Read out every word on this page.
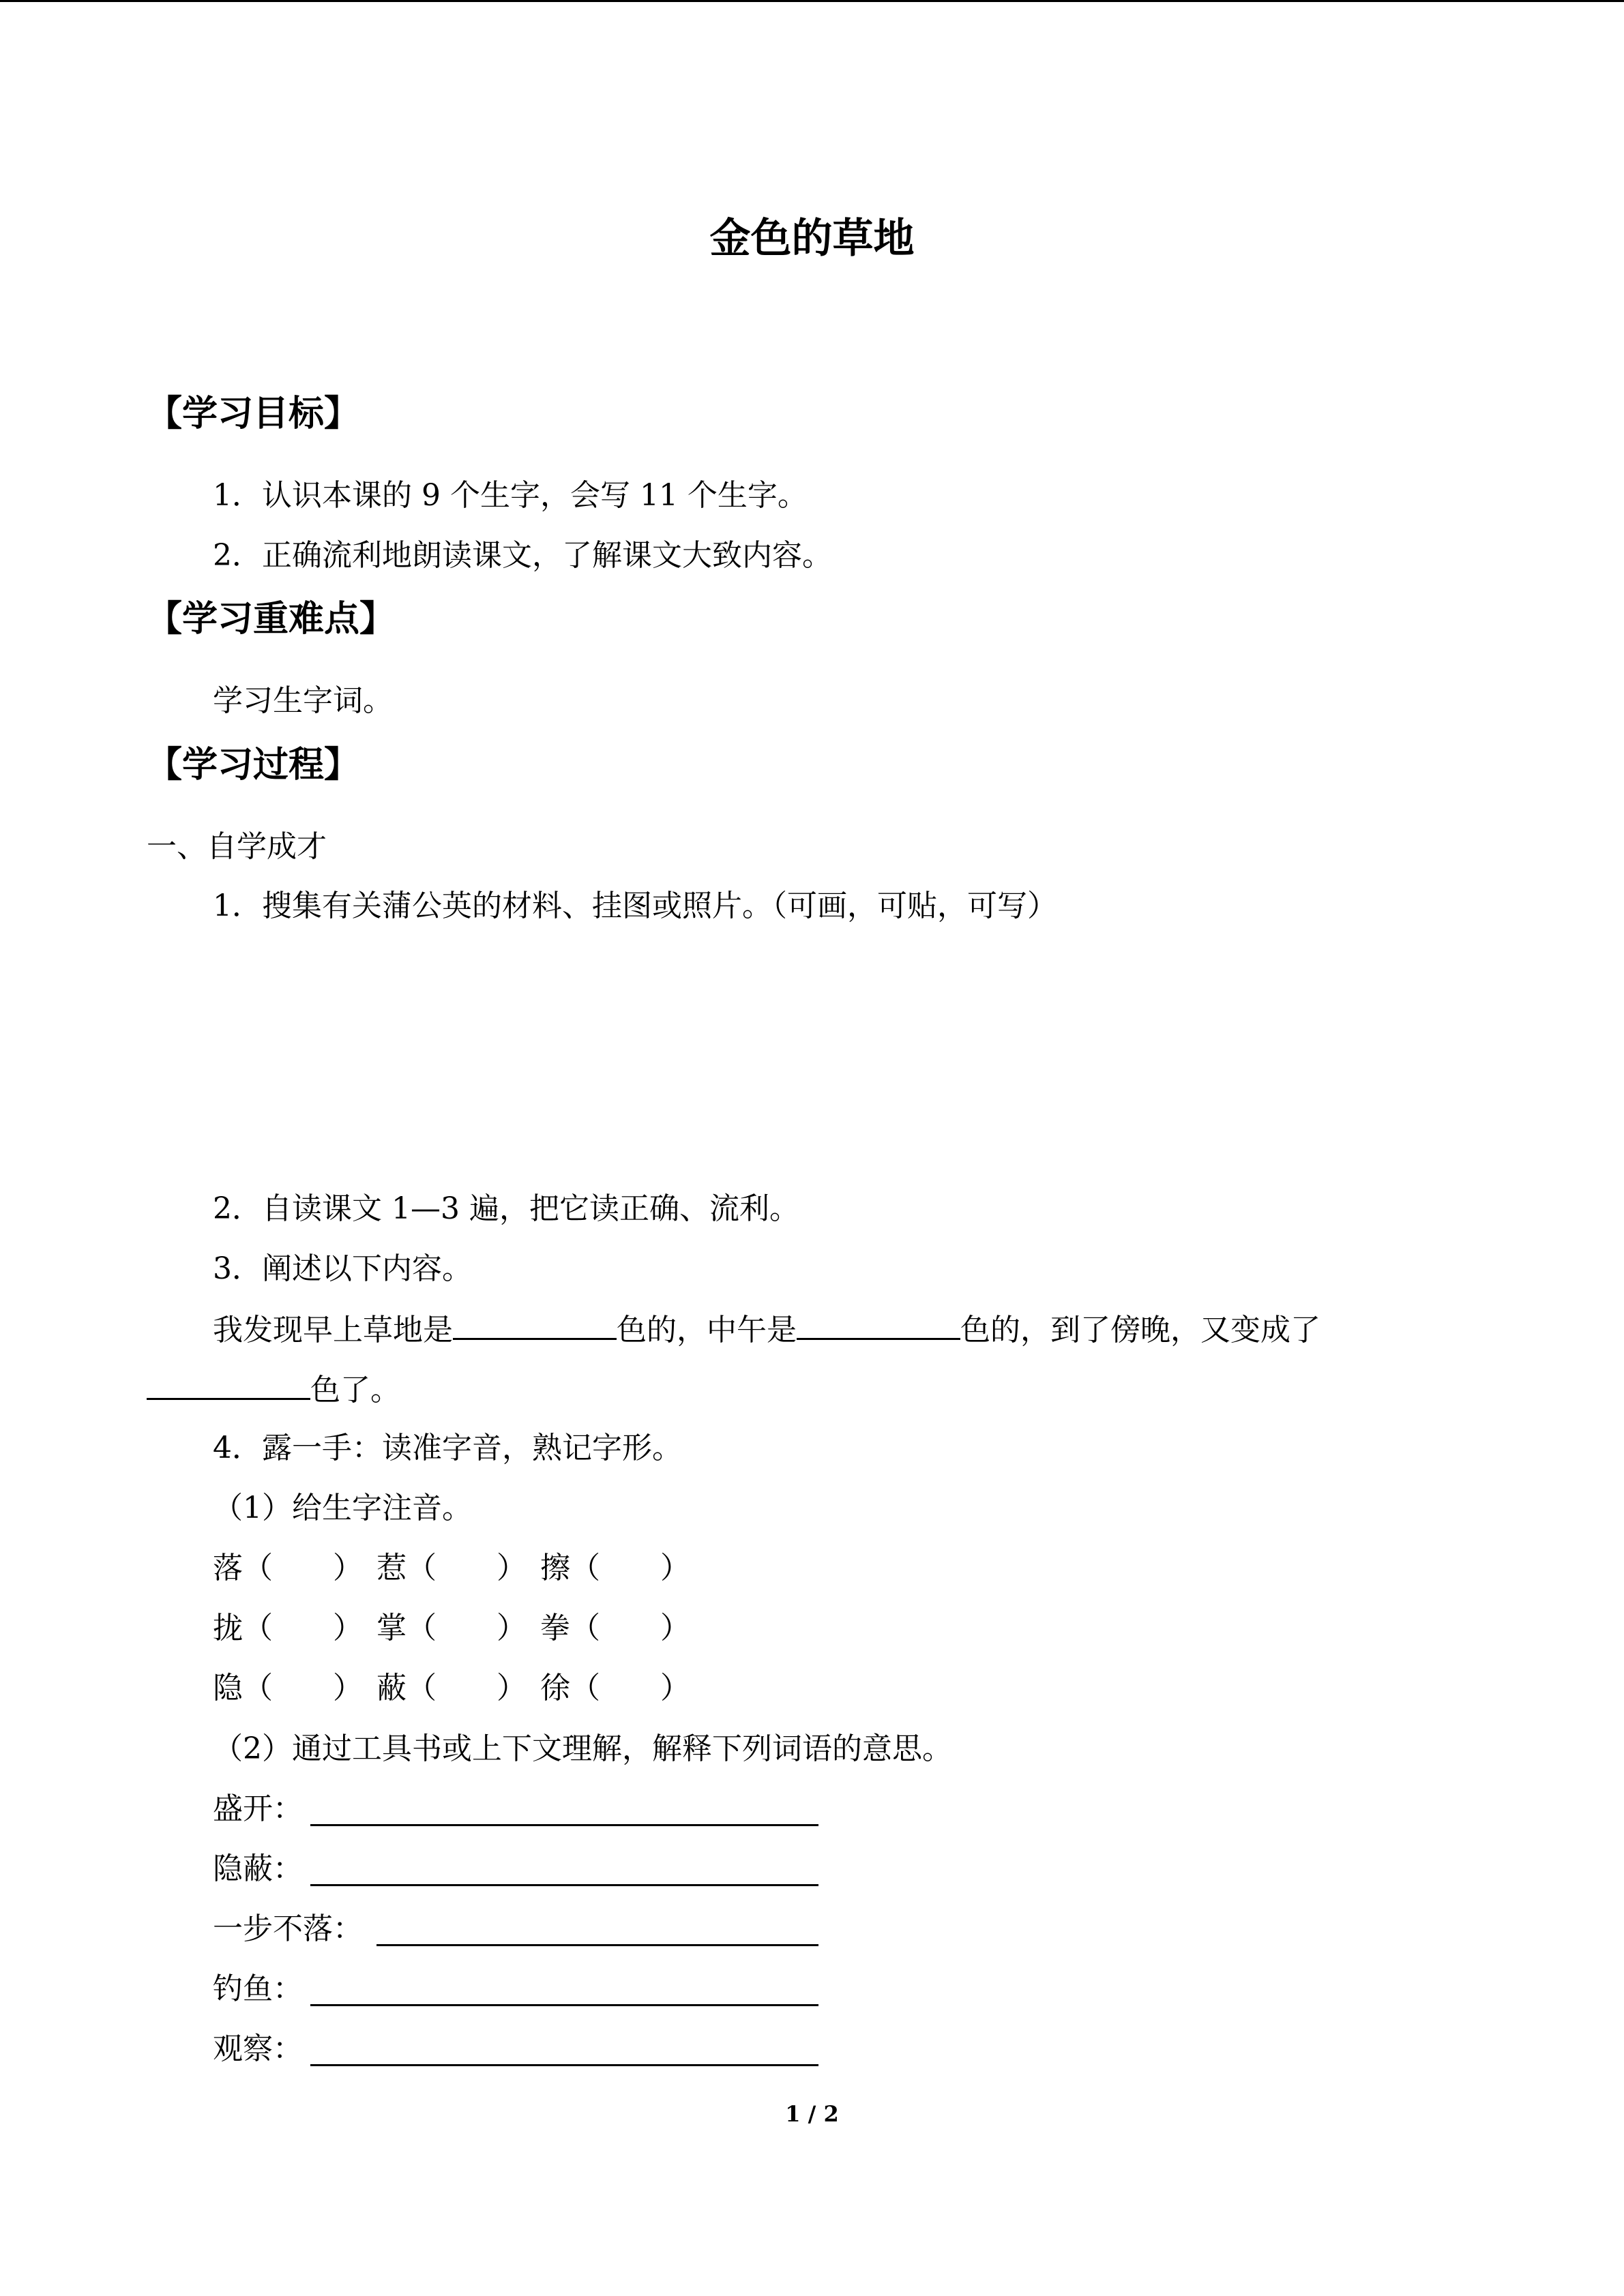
金色的草地
【学习目标】
1．认识本课的 9 个生字，会写 11 个生字。
2．正确流利地朗读课文，了解课文大致内容。
【学习重难点】
学习生字词。
【学习过程】
一、自学成才
1．搜集有关蒲公英的材料、挂图或照片。（可画，可贴，可写）
2．自读课文 1—3 遍，把它读正确、流利。
3．阐述以下内容。
我发现早上草地是	色的，中午是	色的，到了傍晚，又变成了
色了。
4．露一手：读准字音，熟记字形。
（1）给生字注音。
落（　　） 惹（　　） 擦（　　）
拢（　　） 掌（　　） 拳（　　）
隐（　　） 蔽（　　） 徐（　　）
（2）通过工具书或上下文理解，解释下列词语的意思。
盛开：
隐蔽：
一步不落：
钓鱼：
观察：
1 / 2
